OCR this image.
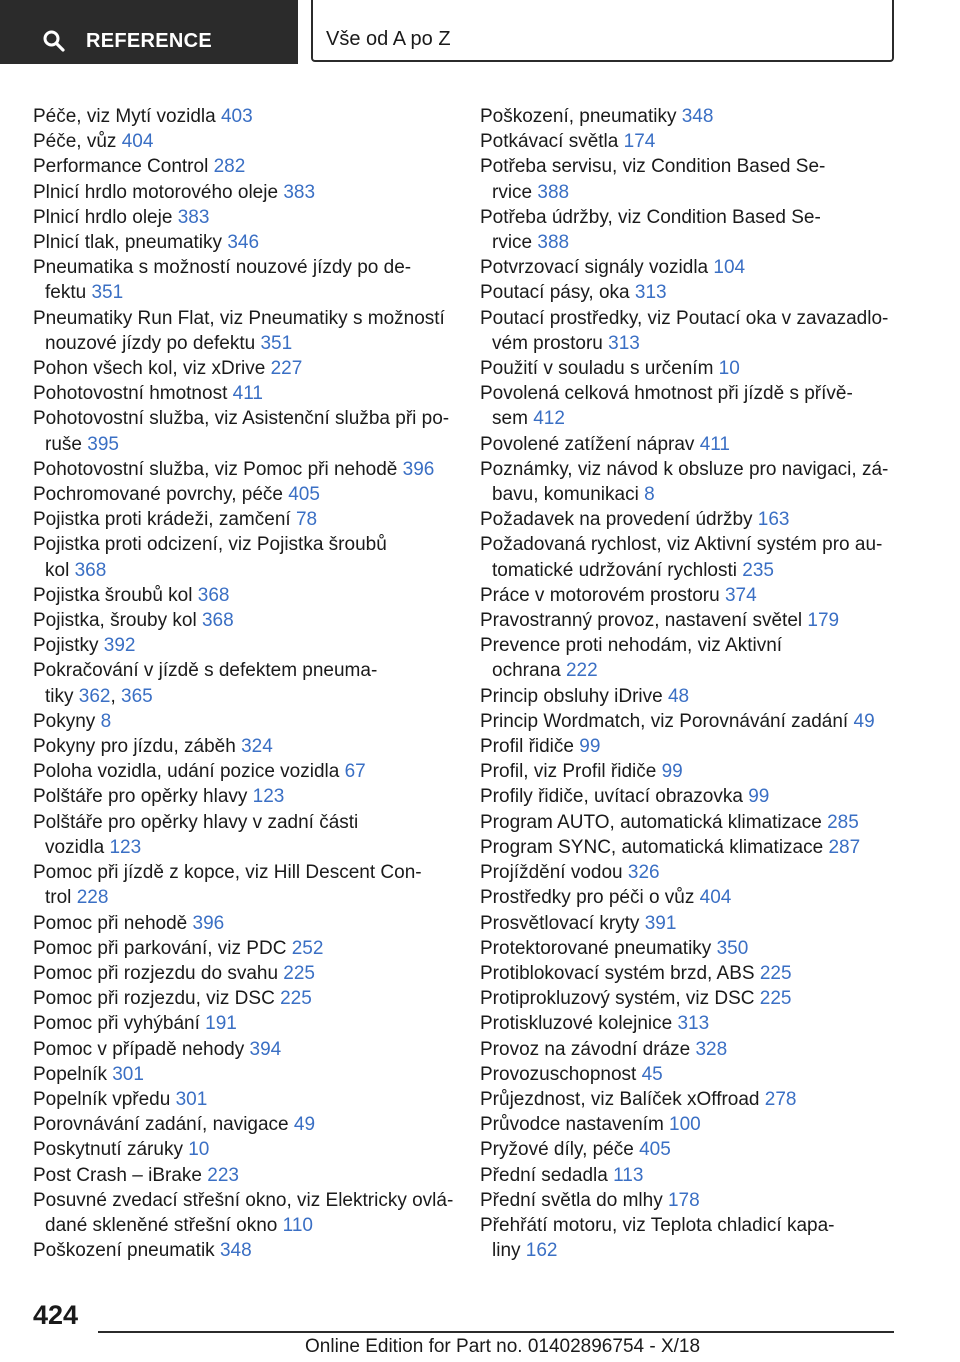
REFERENCE	Vše od A po Z
Péče, viz Mytí vozidla 403
Péče, vůz 404
Performance Control 282
Plnicí hrdlo motorového oleje 383
Plnicí hrdlo oleje 383
Plnicí tlak, pneumatiky 346
Pneumatika s možností nouzové jízdy po de-
fektu 351
Pneumatiky Run Flat, viz Pneumatiky s možností
nouzové jízdy po defektu 351
Pohon všech kol, viz xDrive 227
Pohotovostní hmotnost 411
Pohotovostní služba, viz Asistenční služba při po-
ruše 395
Pohotovostní služba, viz Pomoc při nehodě 396
Pochromované povrchy, péče 405
Pojistka proti krádeži, zamčení 78
Pojistka proti odcizení, viz Pojistka šroubů
kol 368
Pojistka šroubů kol 368
Pojistka, šrouby kol 368
Pojistky 392
Pokračování v jízdě s defektem pneuma-
tiky 362, 365
Pokyny 8
Pokyny pro jízdu, záběh 324
Poloha vozidla, udání pozice vozidla 67
Polštáře pro opěrky hlavy 123
Polštáře pro opěrky hlavy v zadní části
vozidla 123
Pomoc při jízdě z kopce, viz Hill Descent Con-
trol 228
Pomoc při nehodě 396
Pomoc při parkování, viz PDC 252
Pomoc při rozjezdu do svahu 225
Pomoc při rozjezdu, viz DSC 225
Pomoc při vyhýbání 191
Pomoc v případě nehody 394
Popelník 301
Popelník vpředu 301
Porovnávání zadání, navigace 49
Poskytnutí záruky 10
Post Crash – iBrake 223
Posuvné zvedací střešní okno, viz Elektricky ovlá-
dané skleněné střešní okno 110
Poškození pneumatik 348
Poškození, pneumatiky 348
Potkávací světla 174
Potřeba servisu, viz Condition Based Se-
rvice 388
Potřeba údržby, viz Condition Based Se-
rvice 388
Potvrzovací signály vozidla 104
Poutací pásy, oka 313
Poutací prostředky, viz Poutací oka v zavazadlo-
vém prostoru 313
Použití v souladu s určením 10
Povolená celková hmotnost při jízdě s přívě-
sem 412
Povolené zatížení náprav 411
Poznámky, viz návod k obsluze pro navigaci, zá-
bavu, komunikaci 8
Požadavek na provedení údržby 163
Požadovaná rychlost, viz Aktivní systém pro au-
tomatické udržování rychlosti 235
Práce v motorovém prostoru 374
Pravostranný provoz, nastavení světel 179
Prevence proti nehodám, viz Aktivní
ochrana 222
Princip obsluhy iDrive 48
Princip Wordmatch, viz Porovnávání zadání 49
Profil řidiče 99
Profil, viz Profil řidiče 99
Profily řidiče, uvítací obrazovka 99
Program AUTO, automatická klimatizace 285
Program SYNC, automatická klimatizace 287
Projíždění vodou 326
Prostředky pro péči o vůz 404
Prosvětlovací kryty 391
Protektorované pneumatiky 350
Protiblokovací systém brzd, ABS 225
Protiprokluzový systém, viz DSC 225
Protiskluzové kolejnice 313
Provoz na závodní dráze 328
Provozuschopnost 45
Průjezdnost, viz Balíček xOffroad 278
Průvodce nastavením 100
Pryžové díly, péče 405
Přední sedadla 113
Přední světla do mlhy 178
Přehřátí motoru, viz Teplota chladicí kapa-
liny 162
424
Online Edition for Part no. 01402896754 - X/18
